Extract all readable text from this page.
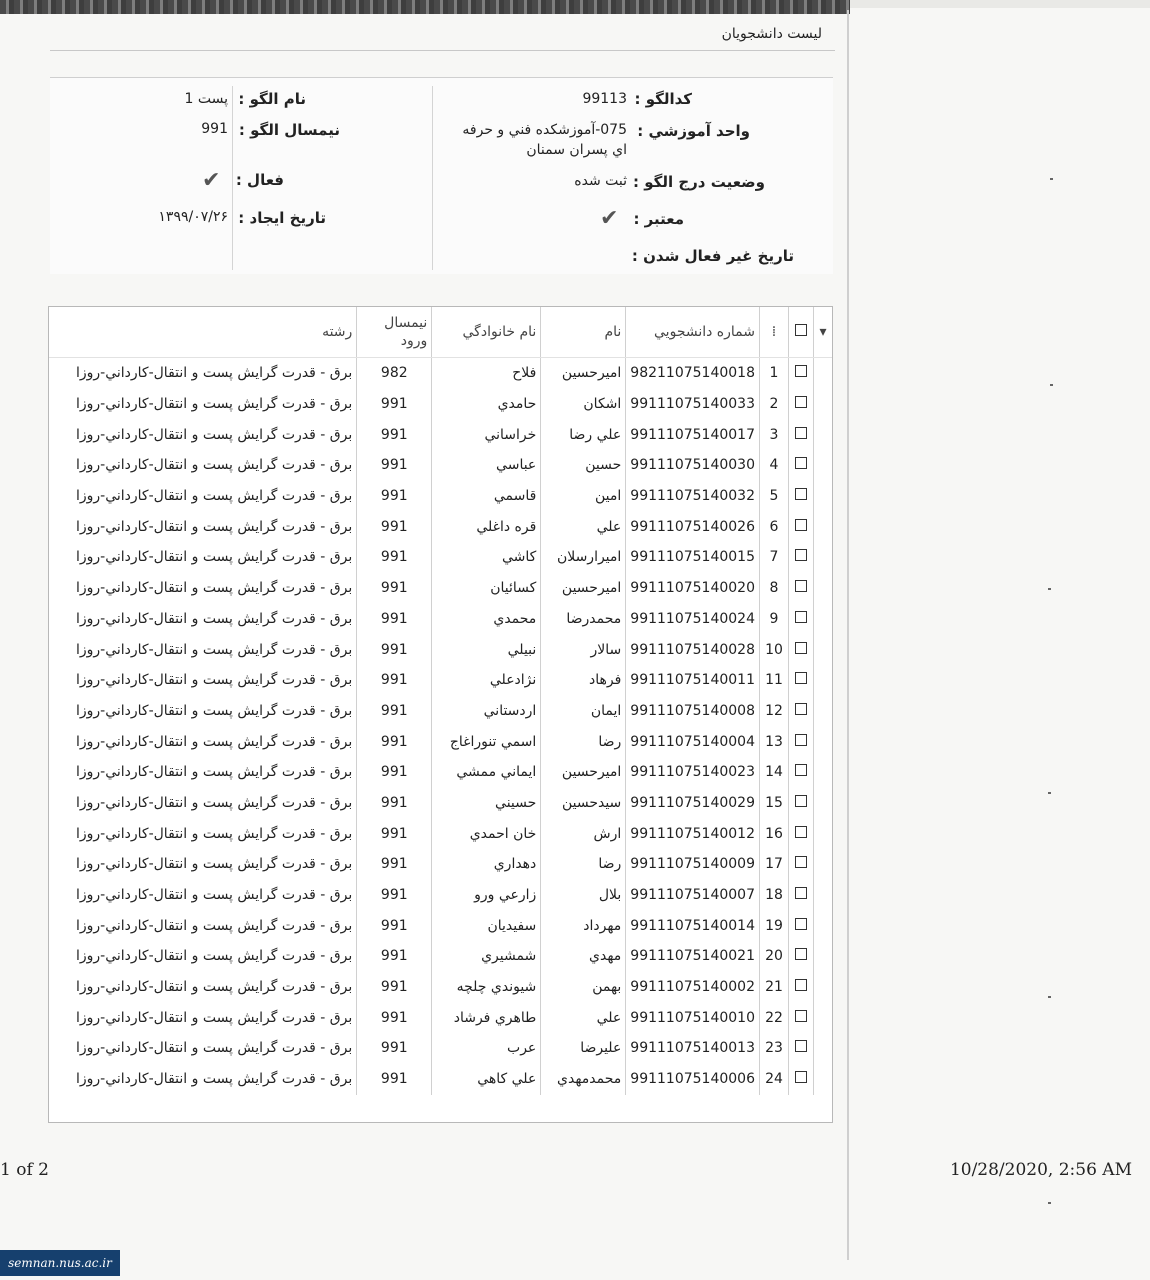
ليست دانشجويان
كدالگو :
99113
واحد آموزشي :
075-آموزشكده فني و حرفه
اي پسران سمنان
وضعيت درج الگو :
ثبت شده
معتبر :
✔
تاريخ غير فعال شدن :
نام الگو :
پست 1
نيمسال الگو :
991
فعال :
✔
تاريخ ايجاد :
۱۳۹۹/۰۷/۲۶
▾		⁞	شماره دانشجويي	نام	نام خانوادگي	نيمسال ورود	رشته
		1	98211075140018	اميرحسين	فلاح	982	برق - قدرت گرايش پست و انتقال-كارداني-روزا
		2	99111075140033	اشكان	حامدي	991	برق - قدرت گرايش پست و انتقال-كارداني-روزا
		3	99111075140017	علي رضا	خراساني	991	برق - قدرت گرايش پست و انتقال-كارداني-روزا
		4	99111075140030	حسين	عباسي	991	برق - قدرت گرايش پست و انتقال-كارداني-روزا
		5	99111075140032	امين	قاسمي	991	برق - قدرت گرايش پست و انتقال-كارداني-روزا
		6	99111075140026	علي	قره داغلي	991	برق - قدرت گرايش پست و انتقال-كارداني-روزا
		7	99111075140015	اميرارسلان	كاشي	991	برق - قدرت گرايش پست و انتقال-كارداني-روزا
		8	99111075140020	اميرحسين	كسائيان	991	برق - قدرت گرايش پست و انتقال-كارداني-روزا
		9	99111075140024	محمدرضا	محمدي	991	برق - قدرت گرايش پست و انتقال-كارداني-روزا
		10	99111075140028	سالار	نبيلي	991	برق - قدرت گرايش پست و انتقال-كارداني-روزا
		11	99111075140011	فرهاد	نژادعلي	991	برق - قدرت گرايش پست و انتقال-كارداني-روزا
		12	99111075140008	ايمان	اردستاني	991	برق - قدرت گرايش پست و انتقال-كارداني-روزا
		13	99111075140004	رضا	اسمي تنوراغاج	991	برق - قدرت گرايش پست و انتقال-كارداني-روزا
		14	99111075140023	اميرحسين	ايماني ممشي	991	برق - قدرت گرايش پست و انتقال-كارداني-روزا
		15	99111075140029	سيدحسين	حسيني	991	برق - قدرت گرايش پست و انتقال-كارداني-روزا
		16	99111075140012	ارش	خان احمدي	991	برق - قدرت گرايش پست و انتقال-كارداني-روزا
		17	99111075140009	رضا	دهداري	991	برق - قدرت گرايش پست و انتقال-كارداني-روزا
		18	99111075140007	بلال	زارعي ورو	991	برق - قدرت گرايش پست و انتقال-كارداني-روزا
		19	99111075140014	مهرداد	سفيديان	991	برق - قدرت گرايش پست و انتقال-كارداني-روزا
		20	99111075140021	مهدي	شمشيري	991	برق - قدرت گرايش پست و انتقال-كارداني-روزا
		21	99111075140002	بهمن	شيوندي چلچه	991	برق - قدرت گرايش پست و انتقال-كارداني-روزا
		22	99111075140010	علي	طاهري فرشاد	991	برق - قدرت گرايش پست و انتقال-كارداني-روزا
		23	99111075140013	عليرضا	عرب	991	برق - قدرت گرايش پست و انتقال-كارداني-روزا
		24	99111075140006	محمدمهدي	علي كاهي	991	برق - قدرت گرايش پست و انتقال-كارداني-روزا
1 of 2	10/28/2020, 2:56 AM
semnan.nus.ac.ir
